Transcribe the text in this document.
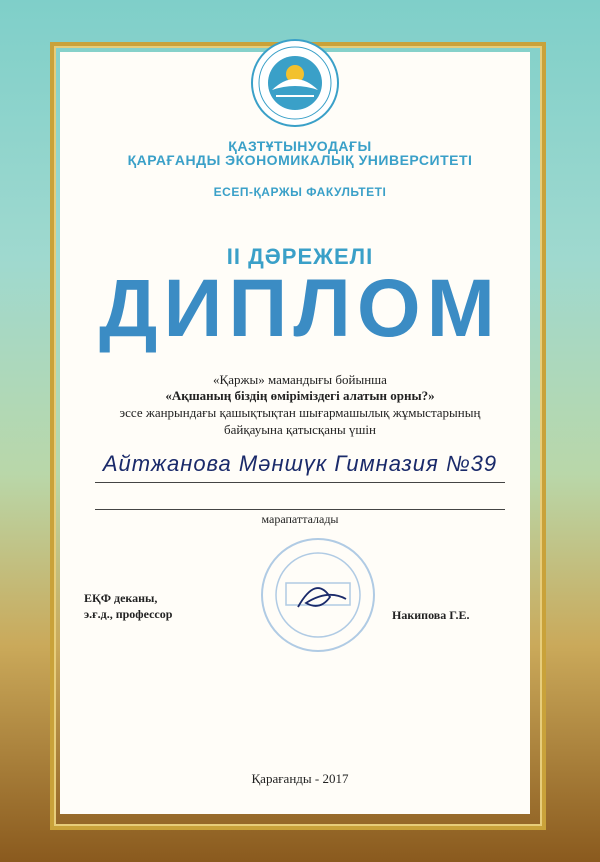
ҚАЗТҰТЫНУОДАҒЫ
ҚАРАҒАНДЫ ЭКОНОМИКАЛЫҚ УНИВЕРСИТЕТІ
ЕСЕП-ҚАРЖЫ ФАКУЛЬТЕТІ
II ДӘРЕЖЕЛІ
ДИПЛОМ
«Қаржы» мамандығы бойынша
«Ақшаның біздің өміріміздегі алатын орны?»
эссе жанрындағы қашықтықтан шығармашылық жұмыстарының
байқауына қатысқаны үшін
Айтжанова Мәншүк Гимназия №39
марапатталады
ЕҚФ деканы,
э.ғ.д., профессор	Накипова Г.Е.
Қарағанды - 2017
